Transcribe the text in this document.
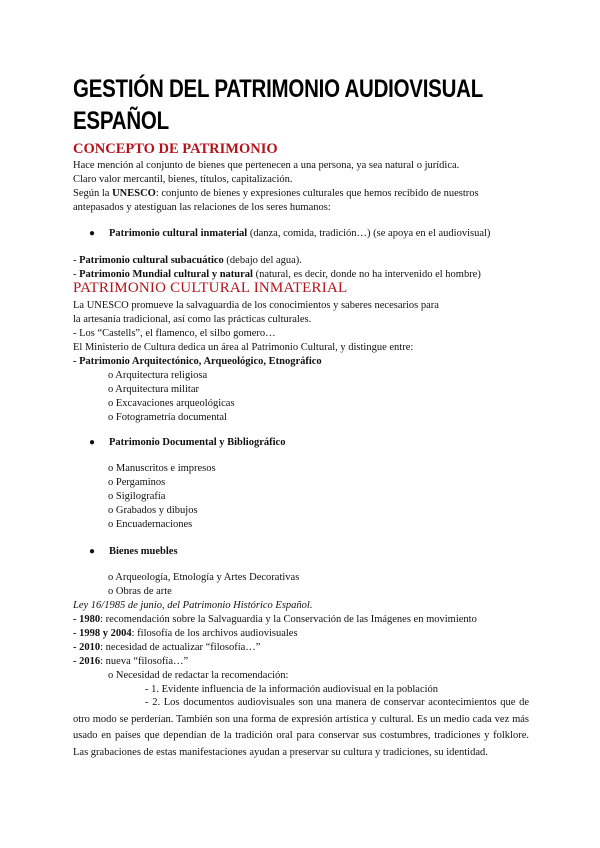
GESTIÓN DEL PATRIMONIO AUDIOVISUAL
ESPAÑOL
CONCEPTO DE PATRIMONIO
Hace mención al conjunto de bienes que pertenecen a una persona, ya sea natural o jurídica.
Claro valor mercantil, bienes, títulos, capitalización.
Según la UNESCO: conjunto de bienes y expresiones culturales que hemos recibido de nuestros
antepasados y atestiguan las relaciones de los seres humanos:
● Patrimonio cultural inmaterial (danza, comida, tradición…) (se apoya en el audiovisual)
- Patrimonio cultural subacuático (debajo del agua).
- Patrimonio Mundial cultural y natural (natural, es decir, donde no ha intervenido el hombre)
PATRIMONIO CULTURAL INMATERIAL
La UNESCO promueve la salvaguardia de los conocimientos y saberes necesarios para
la artesanía tradicional, así como las prácticas culturales.
- Los “Castells”, el flamenco, el silbo gomero…
El Ministerio de Cultura dedica un área al Patrimonio Cultural, y distingue entre:
- Patrimonio Arquitectónico, Arqueológico, Etnográfico
o Arquitectura religiosa
o Arquitectura militar
o Excavaciones arqueológicas
o Fotogrametría documental
● Patrimonio Documental y Bibliográfico
o Manuscritos e impresos
o Pergaminos
o Sigilografía
o Grabados y dibujos
o Encuadernaciones
● Bienes muebles
o Arqueología, Etnología y Artes Decorativas
o Obras de arte
Ley 16/1985 de junio, del Patrimonio Histórico Español.
- 1980: recomendación sobre la Salvaguardia y la Conservación de las Imágenes en movimiento
- 1998 y 2004: filosofía de los archivos audiovisuales
- 2010: necesidad de actualizar “filosofía…”
- 2016: nueva “filosofía…”
o Necesidad de redactar la recomendación:
- 1. Evidente influencia de la información audiovisual en la población
- 2. Los documentos audiovisuales son una manera de conservar acontecimientos que de otro modo se perderían. También son una forma de expresión artística y cultural. Es un medio cada vez más usado en países que dependían de la tradición oral para conservar sus costumbres, tradiciones y folklore. Las grabaciones de estas manifestaciones ayudan a preservar su cultura y tradiciones, su identidad.
